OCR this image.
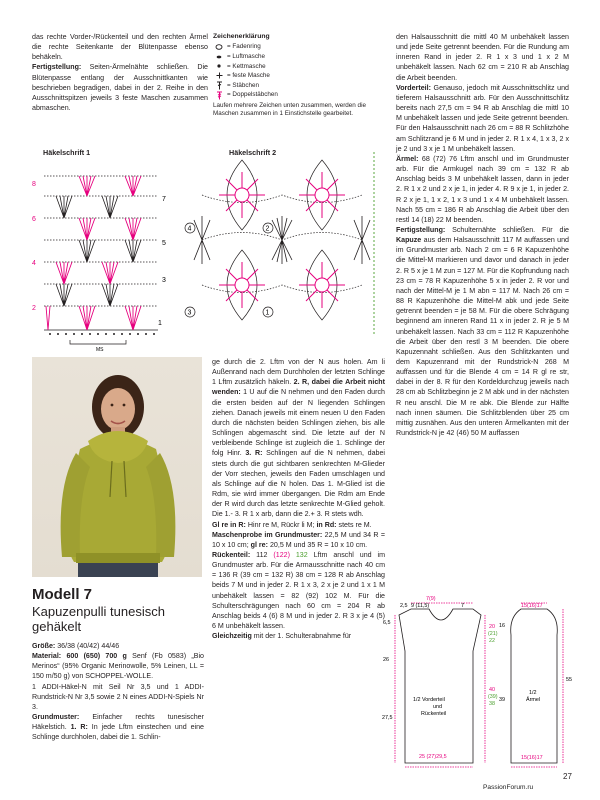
das rechte Vorder-/Rückenteil und den rechten Ärmel die rechte Seitenkante der Blütenpasse ebenso behäkeln.

Fertigstellung: Seiten-Ärmelnähte schließen. Die Blütenpasse entlang der Ausschnittkanten wie beschrieben begradigen, dabei in der 2. Reihe in den Ausschnittspitzen jeweils 3 feste Maschen zusammen abmaschen.

Zeichenerklärung
= Fadenring
= Luftmasche
= Kettmasche
= feste Masche
= Stäbchen
= Doppelstäbchen
Laufen mehrere Zeichen unten zusammen, werden die Maschen zusammen in 1 Einstichstelle gearbeitet.
Häkelschrift 1
MS
7
5
3
1
8
6
4
2
Häkelschrift 2
4
3
2
1

ge durch die 2. Lftm von der N aus holen. Am li Außenrand nach dem Durchholen der letzten Schlinge 1 Lftm zusätzlich häkeln. 2. R, dabei die Arbeit nicht wenden: 1 U auf die N nehmen und den Faden durch die ersten beiden auf der N liegenden Schlingen ziehen. Danach jeweils mit einem neuen U den Faden durch die nächsten beiden Schlingen ziehen, bis alle Schlingen abgemascht sind. Die letzte auf der N verbleibende Schlinge ist zugleich die 1. Schlinge der folg Hinr. 3. R: Schlingen auf die N nehmen, dabei stets durch die gut sichtbaren senkrechten M-Glieder der Vorr stechen, jeweils den Faden umschlagen und als Schlinge auf die N holen. Das 1. M-Glied ist die Rdm, sie wird immer übergangen. Die Rdm am Ende der R wird durch das letzte senkrechte M-Glied geholt. Die 1.- 3. R 1 x arb, dann die 2.+ 3. R stets wdh.

Gl re in R: Hinr re M, Rückr li M; in Rd: stets re M.

Maschenprobe im Grundmuster: 22,5 M und 34 R = 10 x 10 cm; gl re: 20,5 M und 35 R = 10 x 10 cm.

Rückenteil: 112 (122) 132 Lftm anschl und im Grundmuster arb. Für die Armausschnitte nach 40 cm = 136 R (39 cm = 132 R) 38 cm = 128 R ab Anschlag beids 7 M und in jeder 2. R 1 x 3, 2 x je 2 und 1 x 1 M unbehäkelt lassen = 82 (92) 102 M. Für die Schulterschrägungen nach 60 cm = 204 R ab Anschlag beids 4 (6) 8 M und in jeder 2. R 3 x je 4 (5) 6 M unbehäkelt lassen.

Gleichzeitig mit der 1. Schulterabnahme für

Modell 7
Kapuzenpulli tunesisch gehäkelt

Größe: 36/38 (40/42) 44/46

Material: 600 (650) 700 g Senf (Fb 0583) „Bio Merinos“ (95% Organic Merinowolle, 5% Leinen, LL = 150 m/50 g) von SCHOPPEL-WOLLE.

1 ADDI-Häkel-N mit Seil Nr 3,5 und 1 ADDI-Rundstrick-N Nr 3,5 sowie 2 N eines ADDI-N-Spiels Nr 3.

Grundmuster: Einfacher rechts tunesischer Häkelstich. 1. R: In jede Lftm einstechen und eine Schlinge durchholen, dabei die 1. Schlin-

den Halsausschnitt die mittl 40 M unbehäkelt lassen und jede Seite getrennt beenden. Für die Rundung am inneren Rand in jeder 2. R 1 x 3 und 1 x 2 M unbehäkelt lassen. Nach 62 cm = 210 R ab Anschlag die Arbeit beenden.

Vorderteil: Genauso, jedoch mit Ausschnittschlitz und tieferem Halsausschnitt arb. Für den Ausschnittschlitz bereits nach 27,5 cm = 94 R ab Anschlag die mittl 10 M unbehäkelt lassen und jede Seite getrennt beenden. Für den Halsausschnitt nach 26 cm = 88 R Schlitzhöhe am Schlitzrand je 6 M und in jeder 2. R 1 x 4, 1 x 3, 2 x je 2 und 3 x je 1 M unbehäkelt lassen.

Ärmel: 68 (72) 76 Lftm anschl und im Grundmuster arb. Für die Armkugel nach 39 cm = 132 R ab Anschlag beids 3 M unbehäkelt lassen, dann in jeder 2. R 1 x 2 und 2 x je 1, in jeder 4. R 9 x je 1, in jeder 2. R 2 x je 1, 1 x 2, 1 x 3 und 1 x 4 M unbehäkelt lassen. Nach 55 cm = 186 R ab Anschlag die Arbeit über den restl 14 (18) 22 M beenden.

Fertigstellung: Schulternähte schließen. Für die Kapuze aus dem Halsausschnitt 117 M auffassen und im Grundmuster arb. Nach 2 cm = 6 R Kapuzenhöhe die Mittel-M markieren und davor und danach in jeder 2. R 5 x je 1 M zun = 127 M. Für die Kopfrundung nach 23 cm = 78 R Kapuzenhöhe 5 x in jeder 2. R vor und nach der Mittel-M je 1 M abn = 117 M. Nach 26 cm = 88 R Kapuzenhöhe die Mittel-M abk und jede Seite getrennt beenden = je 58 M. Für die obere Schrägung beginnend am inneren Rand 11 x in jeder 2. R je 5 M unbehäkelt lassen. Nach 33 cm = 112 R Kapuzenhöhe die Arbeit über den restl 3 M beenden. Die obere Kapuzennaht schließen. Aus den Schlitzkanten und dem Kapuzenrand mit der Rundstrick-N 268 M auffassen und für die Blende 4 cm = 14 R gl re str, dabei in der 8. R für den Kordeldurchzug jeweils nach 28 cm ab Schlitzbeginn je 2 M abk und in der nächsten R neu anschl. Die M re abk. Die Blende zur Hälfte nach innen säumen. Die Schlitzblenden über 25 cm mittig zusnähen. Aus den unteren Ärmelkanten mit der Rundstrick-N je 42 (46) 50 M auffassen

7(9)
9 (11,5)	7
2,5
6,5
20
(21)
22
26
40
(39)
38
27,5
1/2 Vorderteil
und
Rückenteil
25 (27)29,5
15(16)17
16
39
55
1/2
Ärmel
15(16)17
27
PassionForum.ru
